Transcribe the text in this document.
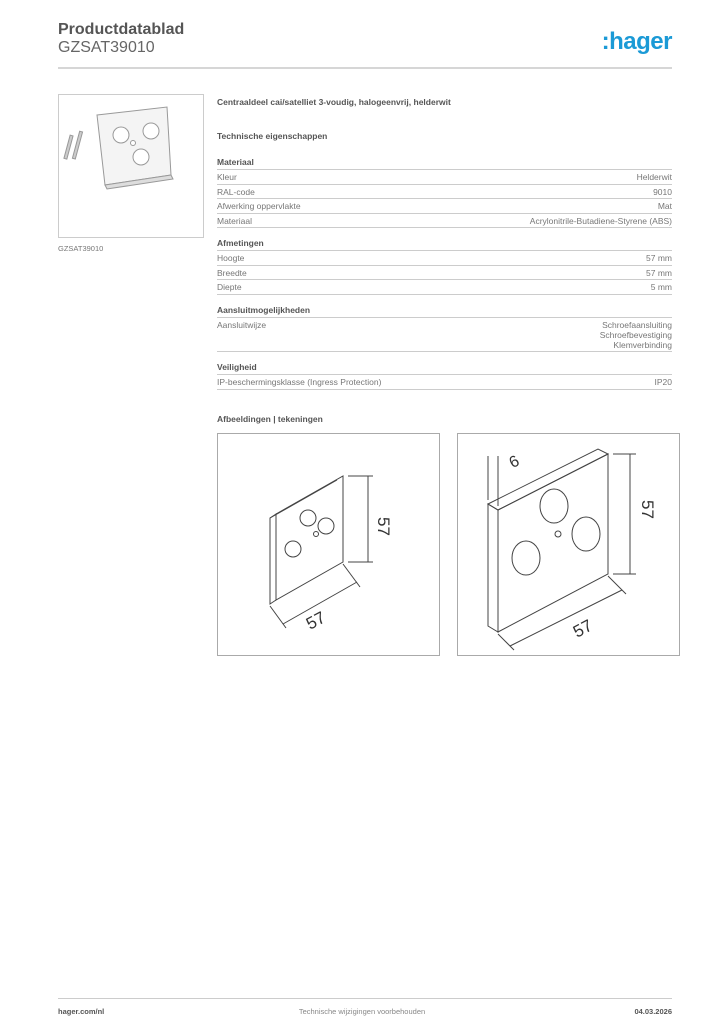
Productdatablad
GZSAT39010	:hager
GZSAT39010
Centraaldeel cai/satelliet 3-voudig, halogeenvrij, helderwit
Technische eigenschappen
Materiaal
Kleur	Helderwit
RAL-code	9010
Afwerking oppervlakte	Mat
Materiaal	Acrylonitrile-Butadiene-Styrene (ABS)
Afmetingen
Hoogte	57 mm
Breedte	57 mm
Diepte	5 mm
Aansluitmogelijkheden
Aansluitwijze	Schroefaansluiting
Schroefbevestiging
Klemverbinding
Veiligheid
IP-beschermingsklasse (Ingress Protection)	IP20
Afbeeldingen | tekeningen
57
57
6
57
57
hager.com/nl	Technische wijzigingen voorbehouden	04.03.2026
